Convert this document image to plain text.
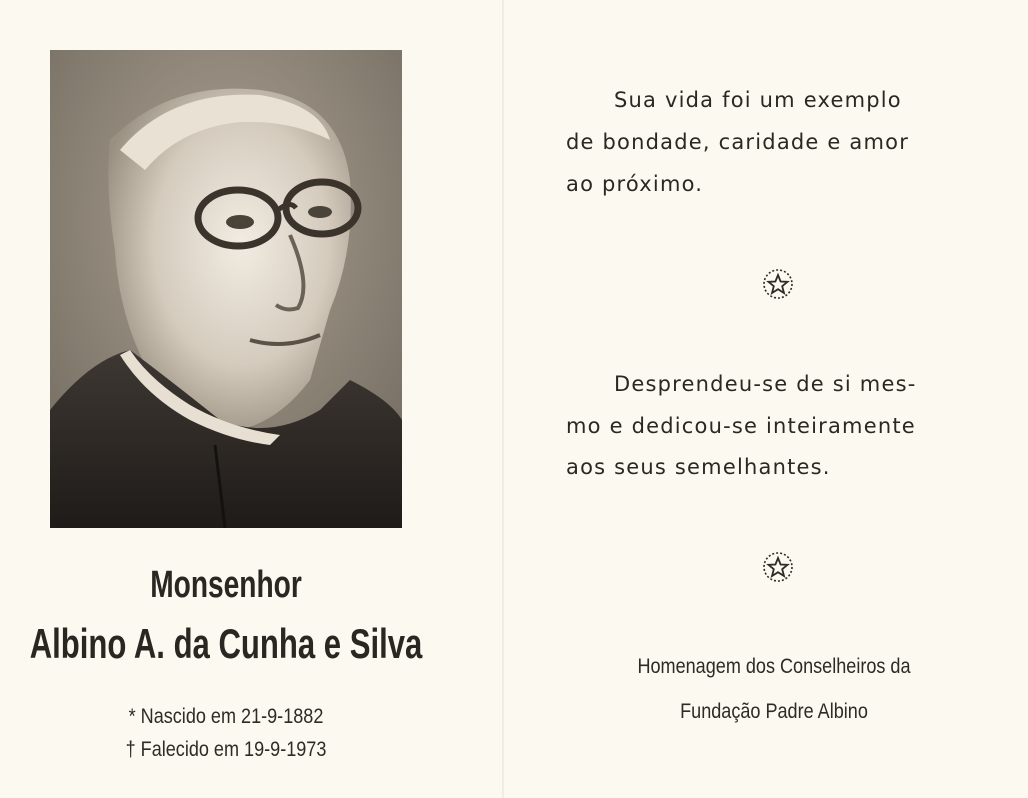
Monsenhor
Albino A. da Cunha e Silva
* Nascido em 21-9-1882
† Falecido em 19-9-1973
Sua vida foi um exemplo
de bondade, caridade e amor
ao próximo.
Desprendeu-se de si mes-
mo e dedicou-se inteiramente
aos seus semelhantes.
Homenagem dos Conselheiros da
Fundação Padre Albino
